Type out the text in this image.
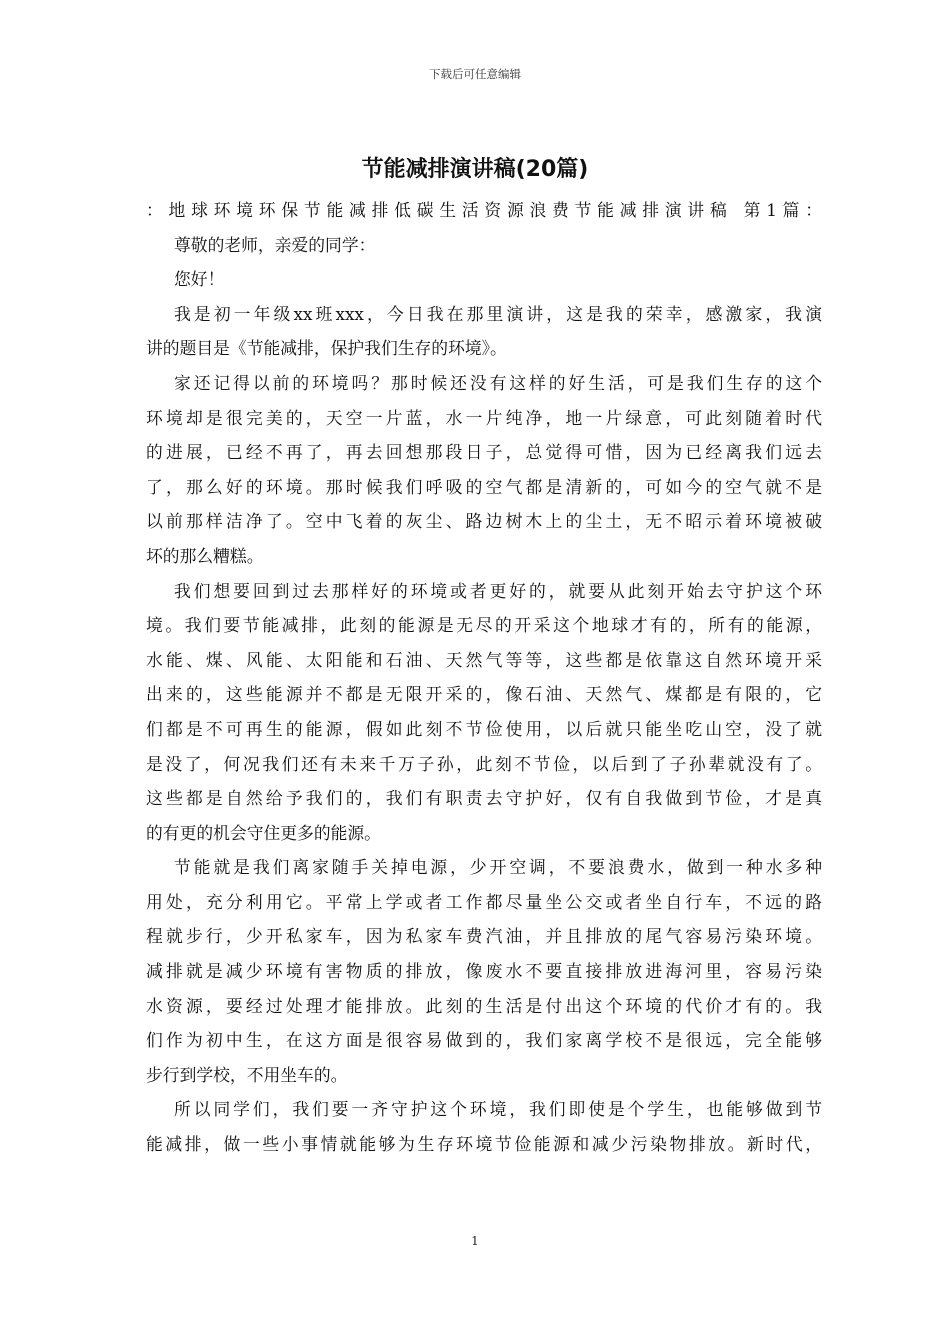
下载后可任意编辑
节能减排演讲稿(20篇)
：地球环境环保节能减排低碳生活资源浪费节能减排演讲稿 第1篇：
尊敬的老师，亲爱的同学：
您好！
我是初一年级xx班xxx，今日我在那里演讲，这是我的荣幸，感激家，我演
讲的题目是《节能减排，保护我们生存的环境》。
家还记得以前的环境吗？那时候还没有这样的好生活，可是我们生存的这个
环境却是很完美的，天空一片蓝，水一片纯净，地一片绿意，可此刻随着时代
的进展，已经不再了，再去回想那段日子，总觉得可惜，因为已经离我们远去
了，那么好的环境。那时候我们呼吸的空气都是清新的，可如今的空气就不是
以前那样洁净了。空中飞着的灰尘、路边树木上的尘土，无不昭示着环境被破
坏的那么糟糕。
我们想要回到过去那样好的环境或者更好的，就要从此刻开始去守护这个环
境。我们要节能减排，此刻的能源是无尽的开采这个地球才有的，所有的能源，
水能、煤、风能、太阳能和石油、天然气等等，这些都是依靠这自然环境开采
出来的，这些能源并不都是无限开采的，像石油、天然气、煤都是有限的，它
们都是不可再生的能源，假如此刻不节俭使用，以后就只能坐吃山空，没了就
是没了，何况我们还有未来千万子孙，此刻不节俭，以后到了子孙辈就没有了。
这些都是自然给予我们的，我们有职责去守护好，仅有自我做到节俭，才是真
的有更的机会守住更多的能源。
节能就是我们离家随手关掉电源，少开空调，不要浪费水，做到一种水多种
用处，充分利用它。平常上学或者工作都尽量坐公交或者坐自行车，不远的路
程就步行，少开私家车，因为私家车费汽油，并且排放的尾气容易污染环境。
减排就是减少环境有害物质的排放，像废水不要直接排放进海河里，容易污染
水资源，要经过处理才能排放。此刻的生活是付出这个环境的代价才有的。我
们作为初中生，在这方面是很容易做到的，我们家离学校不是很远，完全能够
步行到学校，不用坐车的。
所以同学们，我们要一齐守护这个环境，我们即使是个学生，也能够做到节
能减排，做一些小事情就能够为生存环境节俭能源和减少污染物排放。新时代，
1
